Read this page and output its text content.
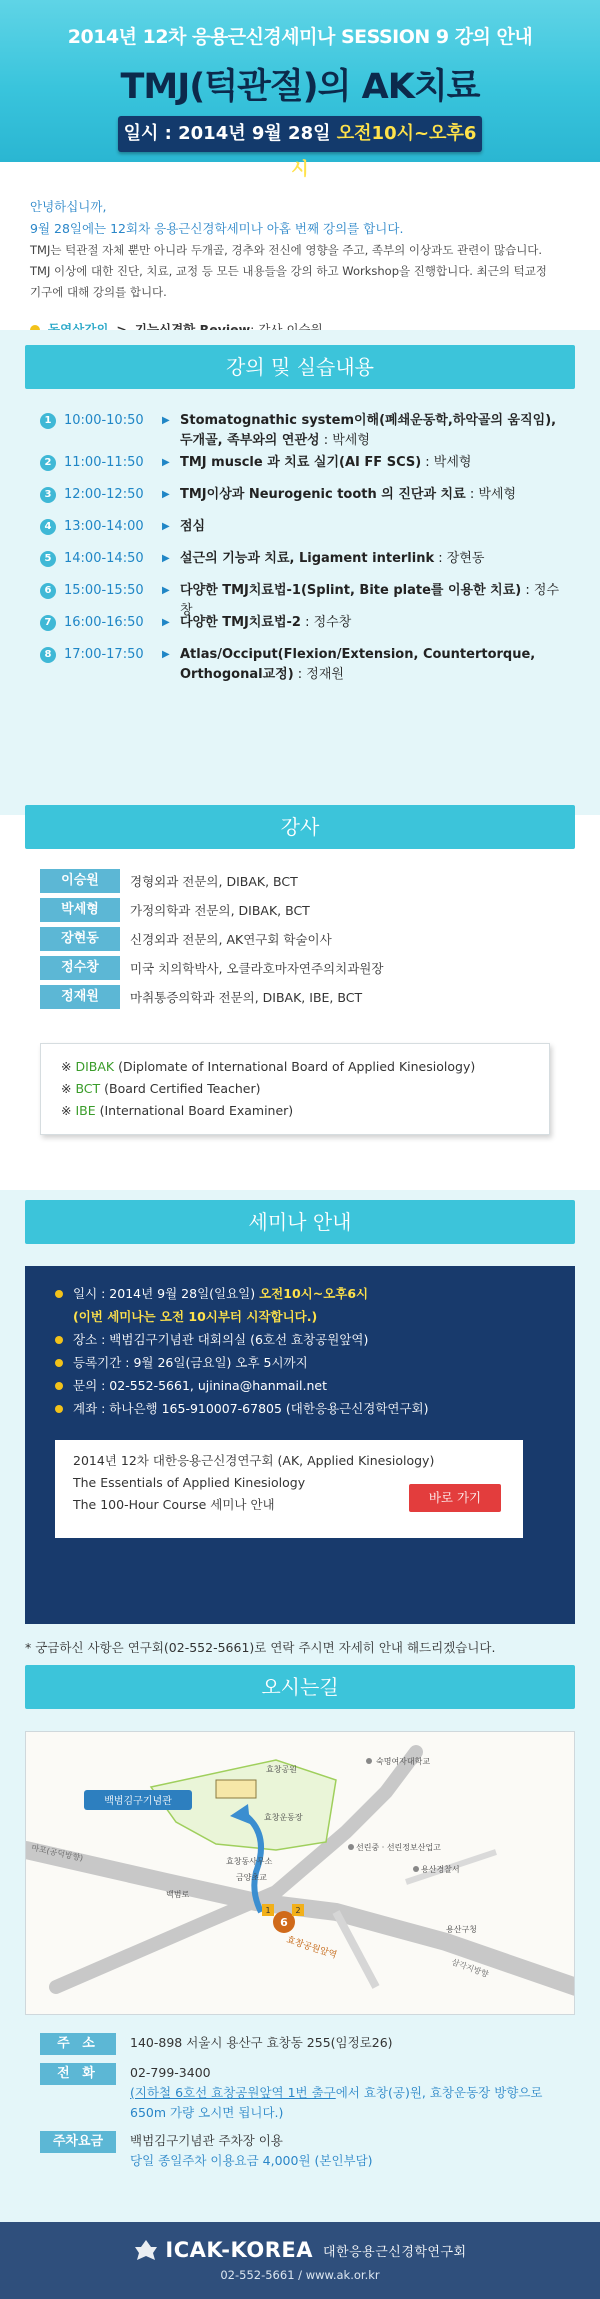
2014년 12차 응용근신경세미나 SESSION 9 강의 안내
TMJ(턱관절)의 AK치료
일시 : 2014년 9월 28일 오전10시~오후6시
안녕하십니까,
9월 28일에는 12회차 응용근신경학세미나 아홉 번째 강의를 합니다.
TMJ는 턱관절 자체 뿐만 아니라 두개골, 경추와 전신에 영향을 주고, 족부의 이상과도 관련이 많습니다.
TMJ 이상에 대한 진단, 치료, 교정 등 모든 내용들을 강의 하고 Workshop을 진행합니다. 최근의 턱교정
기구에 대해 강의를 합니다.
강의 및 실습내용
1 10:00-10:50	▶ Stomatognathic system이해(폐쇄운동학,하악골의 움직임), 두개골, 족부와의 연관성 : 박세형
2 11:00-11:50	▶ TMJ muscle 과 치료 실기(AI FF SCS) : 박세형
3 12:00-12:50	▶ TMJ이상과 Neurogenic tooth 의 진단과 치료 : 박세형
4 13:00-14:00	▶ 점심
5 14:00-14:50	▶ 설근의 기능과 치료, Ligament interlink : 장현동
6 15:00-15:50	▶ 다양한 TMJ치료법-1(Splint, Bite plate를 이용한 치료) : 정수창
7 16:00-16:50	▶ 다양한 TMJ치료법-2 : 정수창
8 17:00-17:50	▶ Atlas/Occiput(Flexion/Extension, Countertorque, Orthogonal교정) : 정재원
강사
이승원	경형외과 전문의, DIBAK, BCT
박세형	가정의학과 전문의, DIBAK, BCT
장현동	신경외과 전문의, AK연구회 학술이사
정수창	미국 치의학박사, 오클라호마자연주의치과원장
정재원	마취통증의학과 전문의, DIBAK, IBE, BCT
※ DIBAK (Diplomate of International Board of Applied Kinesiology)
※ BCT (Board Certified Teacher)
※ IBE (International Board Examiner)
세미나 안내
일시 : 2014년 9월 28일(일요일) 오전10시~오후6시
(이번 세미나는 오전 10시부터 시작합니다.)
장소 : 백범김구기념관 대회의실 (6호선 효창공원앞역)
등록기간 : 9월 26일(금요일) 오후 5시까지
문의 : 02-552-5661, ujinina@hanmail.net
계좌 : 하나은행 165-910007-67805 (대한응용근신경학연구회)
2014년 12차 대한응용근신경연구회 (AK, Applied Kinesiology)
The Essentials of Applied Kinesiology
The 100-Hour Course 세미나 안내	바로 가기
* 궁금하신 사항은 연구회(02-552-5661)로 연락 주시면 자세히 안내 해드리겠습니다.
오시는길
백범김구기념관
효창공원
숙명여자대학교
효창운동장
선린중 · 선린정보산업고
용산경찰서
효창동사무소
금양초교
백범로
효창공원앞역
용산구청
삼각지방향
마포(공덕방향)
6
1	2
주 소	140-898 서울시 용산구 효창동 255(임정로26)
전 화	02-799-3400
(지하철 6호선 효창공원앞역 1번 출구에서 효창(공)원, 효창운동장 방향으로 650m 가량 오시면 됩니다.)
주차요금	백범김구기념관 주차장 이용
당일 종일주차 이용요금 4,000원 (본인부담)
ICAK-KOREA 대한응용근신경학연구회
02-552-5661 / www.ak.or.kr
